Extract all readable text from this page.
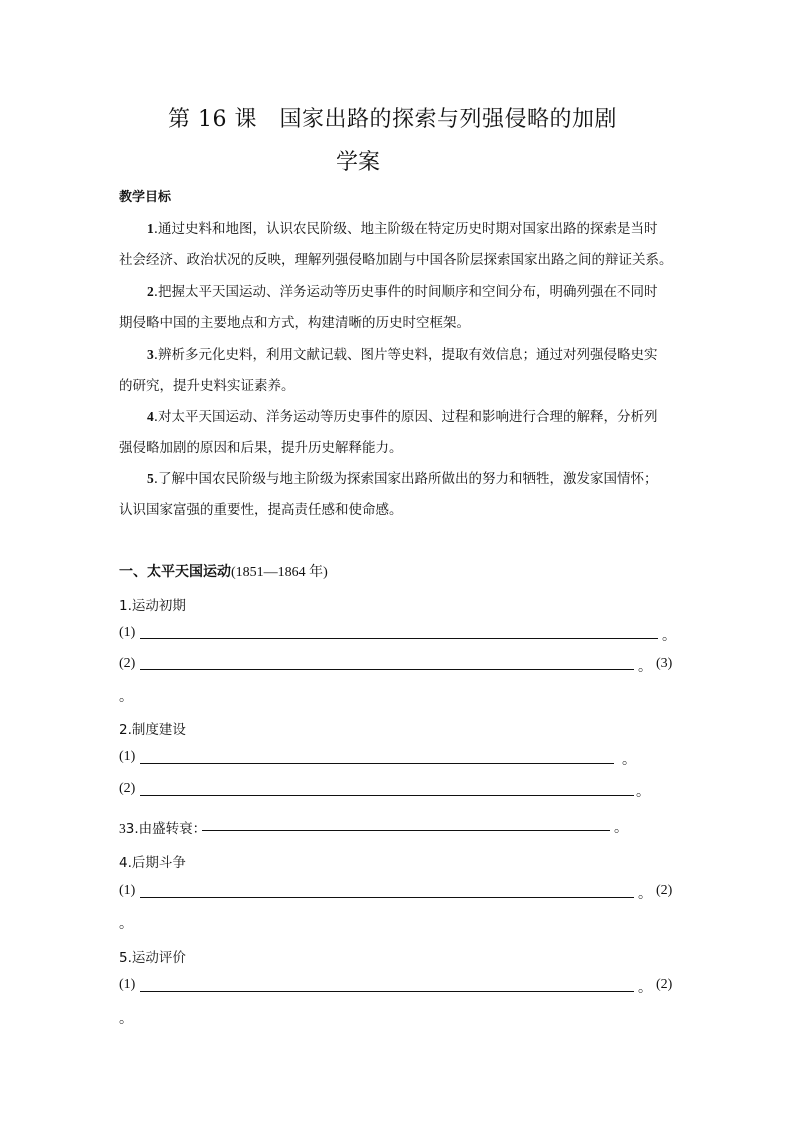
第 16 课　国家出路的探索与列强侵略的加剧
学案
教学目标
1.通过史料和地图，认识农民阶级、地主阶级在特定历史时期对国家出路的探索是当时
社会经济、政治状况的反映，理解列强侵略加剧与中国各阶层探索国家出路之间的辩证关系。
2.把握太平天国运动、洋务运动等历史事件的时间顺序和空间分布，明确列强在不同时
期侵略中国的主要地点和方式，构建清晰的历史时空框架。
3.辨析多元化史料，利用文献记载、图片等史料，提取有效信息；通过对列强侵略史实
的研究，提升史料实证素养。
4.对太平天国运动、洋务运动等历史事件的原因、过程和影响进行合理的解释，分析列
强侵略加剧的原因和后果，提升历史解释能力。
5.了解中国农民阶级与地主阶级为探索国家出路所做出的努力和牺牲，激发家国情怀；
认识国家富强的重要性，提高责任感和使命感。
一、太平天国运动(1851—1864 年)
1.运动初期
(1)	。
(2)	。 (3)
。
2.制度建设
(1)	。
(2)	。
33.由盛转衰：	。
4.后期斗争
(1)	。 (2)
。
5.运动评价
(1)	。 (2)
。
